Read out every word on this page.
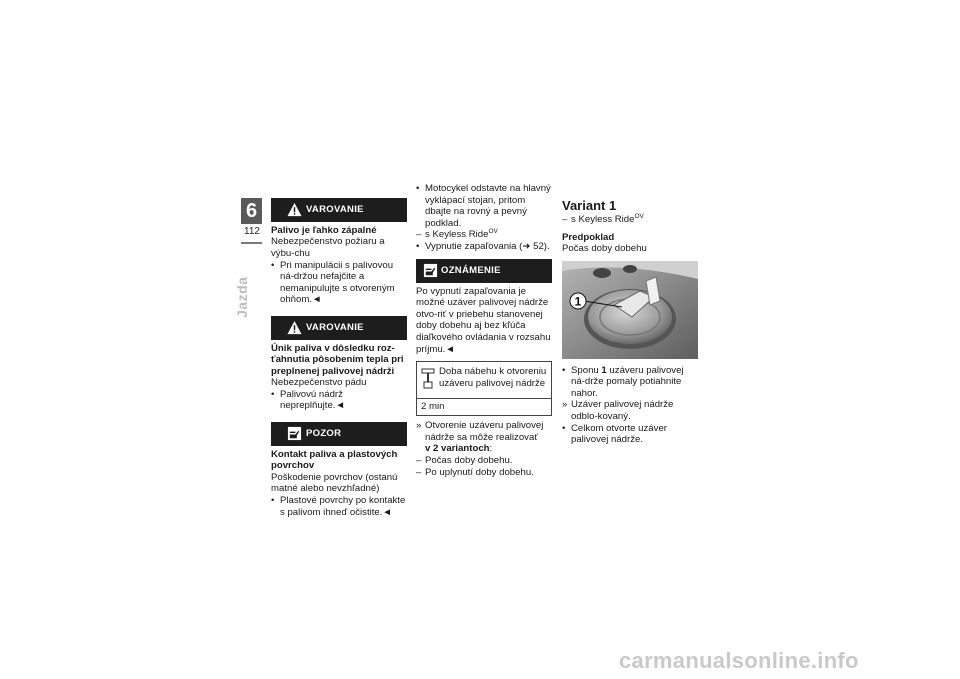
6
112
Jazda
VAROVANIE

Palivo je ľahko zápalné

Nebezpečenstvo požiaru a výbu-chu

• Pri manipulácii s palivovou ná-držou nefajčite a nemanipulujte s otvoreným ohňom.◄
VAROVANIE

Únik paliva v dôsledku roz-ťahnutia pôsobením tepla pri preplnenej palivovej nádrži

Nebezpečenstvo pádu

• Palivovú nádrž nepreplňujte.◄
POZOR

Kontakt paliva a plastových povrchov

Poškodenie povrchov (ostanú matné alebo nevzhľadné)

• Plastové povrchy po kontakte s palivom ihneď očistite.◄
• Motocykel odstavte na hlavný vyklápací stojan, pritom dbajte na rovný a pevný podklad.
– s Keyless Ride$^{OV}$
• Vypnutie zapaľovania (➜ 52).
OZNÁMENIE

Po vypnutí zapaľovania je možné uzáver palivovej nádrže otvo-riť v priebehu stanovenej doby dobehu aj bez kľúča diaľkového ovládania v rozsahu príjmu.◄

Doba nábehu k otvoreniu uzáveru palivovej nádrže
2 min
» Otvorenie uzáveru palivovej nádrže sa môže realizovať
v 2 variantoch:
– Počas doby dobehu.
– Po uplynutí doby dobehu.
Variant 1
– s Keyless Ride$^{OV}$

Predpoklad

Počas doby dobehu

1
• Sponu 1 uzáveru palivovej ná-drže pomaly potiahnite nahor.
» Uzáver palivovej nádrže odblo-kovaný.
• Celkom otvorte uzáver palivovej nádrže.
carmanualsonline.info
